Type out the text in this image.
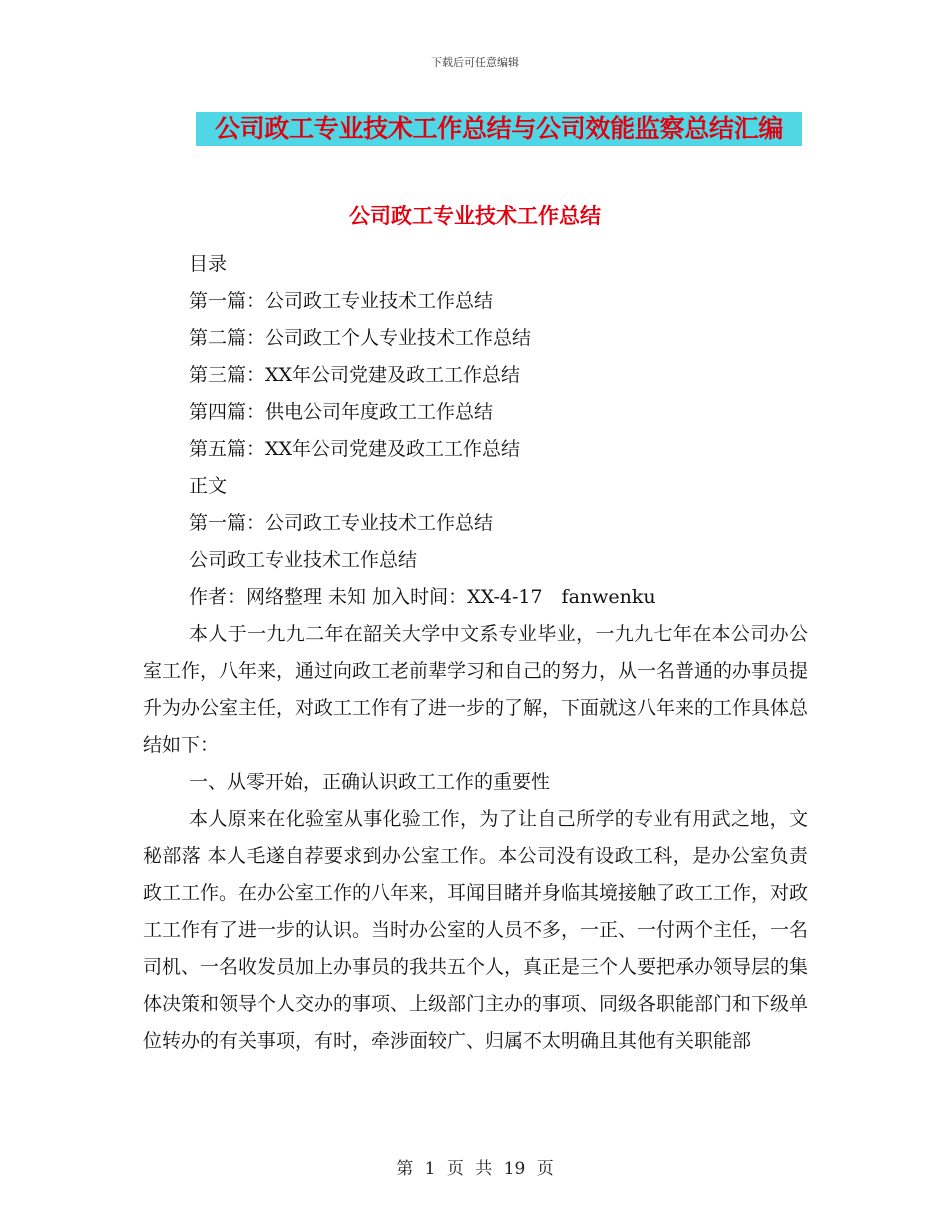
下载后可任意编辑
公司政工专业技术工作总结与公司效能监察总结汇编
公司政工专业技术工作总结

目录

第一篇：公司政工专业技术工作总结

第二篇：公司政工个人专业技术工作总结

第三篇：XX年公司党建及政工工作总结

第四篇：供电公司年度政工工作总结

第五篇：XX年公司党建及政工工作总结

正文

第一篇：公司政工专业技术工作总结

公司政工专业技术工作总结

作者：网络整理 未知 加入时间：XX-4-17　fanwenku

本人于一九九二年在韶关大学中文系专业毕业，一九九七年在本公司办公室工作，八年来，通过向政工老前辈学习和自己的努力，从一名普通的办事员提升为办公室主任，对政工工作有了进一步的了解，下面就这八年来的工作具体总结如下：

一、从零开始，正确认识政工工作的重要性

本人原来在化验室从事化验工作，为了让自己所学的专业有用武之地，文秘部落 本人毛遂自荐要求到办公室工作。本公司没有设政工科，是办公室负责政工工作。在办公室工作的八年来，耳闻目睹并身临其境接触了政工工作，对政工工作有了进一步的认识。当时办公室的人员不多，一正、一付两个主任，一名司机、一名收发员加上办事员的我共五个人，真正是三个人要把承办领导层的集体决策和领导个人交办的事项、上级部门主办的事项、同级各职能部门和下级单位转办的有关事项，有时，牵涉面较广、归属不太明确且其他有关职能部

第 1 页 共 19 页
